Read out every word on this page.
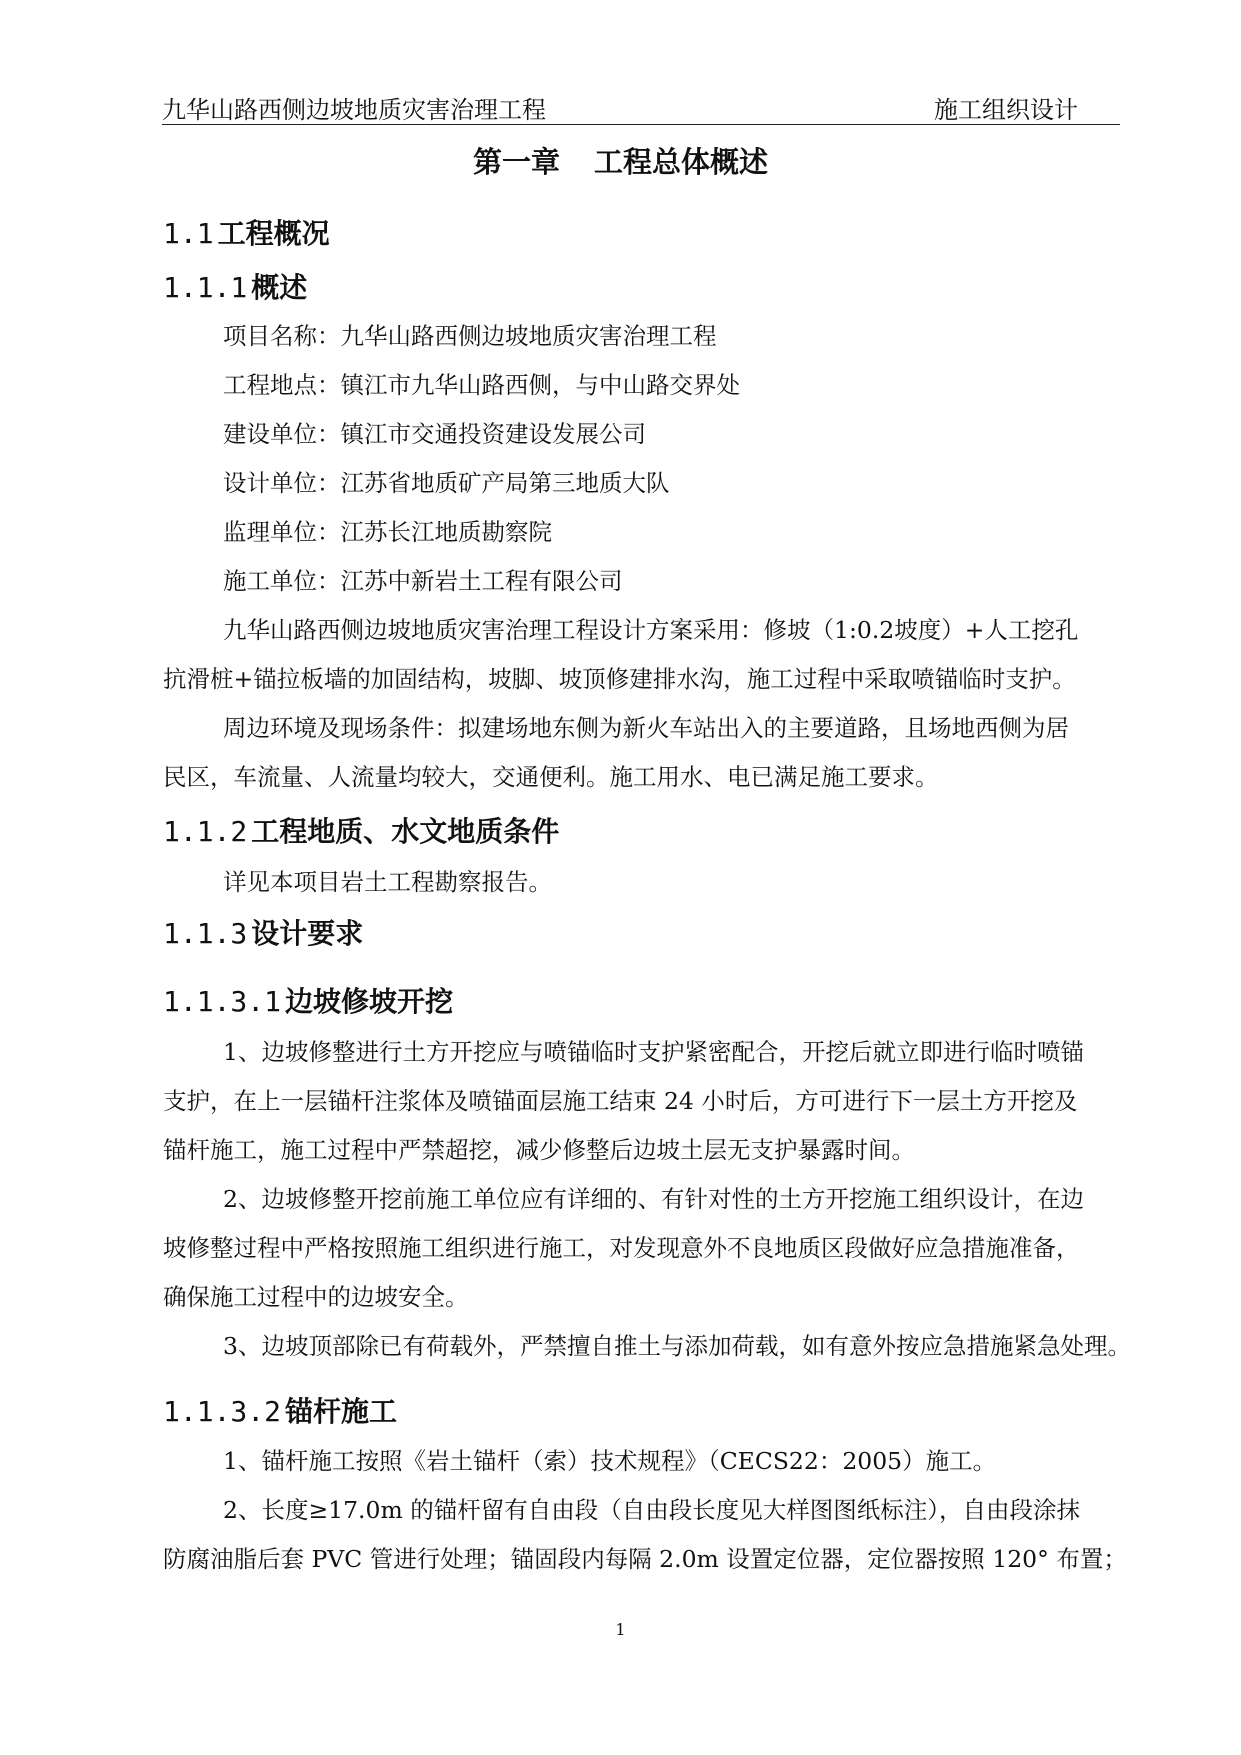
九华山路西侧边坡地质灾害治理工程	施工组织设计
第一章 工程总体概述
1.1 工程概况
1.1.1 概述
项目名称：九华山路西侧边坡地质灾害治理工程
工程地点：镇江市九华山路西侧，与中山路交界处
建设单位：镇江市交通投资建设发展公司
设计单位：江苏省地质矿产局第三地质大队
监理单位：江苏长江地质勘察院
施工单位：江苏中新岩土工程有限公司
九华山路西侧边坡地质灾害治理工程设计方案采用：修坡（1:0.2坡度）+人工挖孔
抗滑桩+锚拉板墙的加固结构，坡脚、坡顶修建排水沟，施工过程中采取喷锚临时支护。
周边环境及现场条件：拟建场地东侧为新火车站出入的主要道路，且场地西侧为居
民区，车流量、人流量均较大，交通便利。施工用水、电已满足施工要求。
1.1.2 工程地质、水文地质条件
详见本项目岩土工程勘察报告。
1.1.3 设计要求
1.1.3.1 边坡修坡开挖
1、边坡修整进行土方开挖应与喷锚临时支护紧密配合，开挖后就立即进行临时喷锚
支护，在上一层锚杆注浆体及喷锚面层施工结束 24 小时后，方可进行下一层土方开挖及
锚杆施工，施工过程中严禁超挖，减少修整后边坡土层无支护暴露时间。
2、边坡修整开挖前施工单位应有详细的、有针对性的土方开挖施工组织设计，在边
坡修整过程中严格按照施工组织进行施工，对发现意外不良地质区段做好应急措施准备，
确保施工过程中的边坡安全。
3、边坡顶部除已有荷载外，严禁擅自推土与添加荷载，如有意外按应急措施紧急处理。
1.1.3.2 锚杆施工
1、锚杆施工按照《岩土锚杆（索）技术规程》（CECS22：2005）施工。
2、长度≥17.0m 的锚杆留有自由段（自由段长度见大样图图纸标注），自由段涂抹
防腐油脂后套 PVC 管进行处理；锚固段内每隔 2.0m 设置定位器，定位器按照 120° 布置；
1
